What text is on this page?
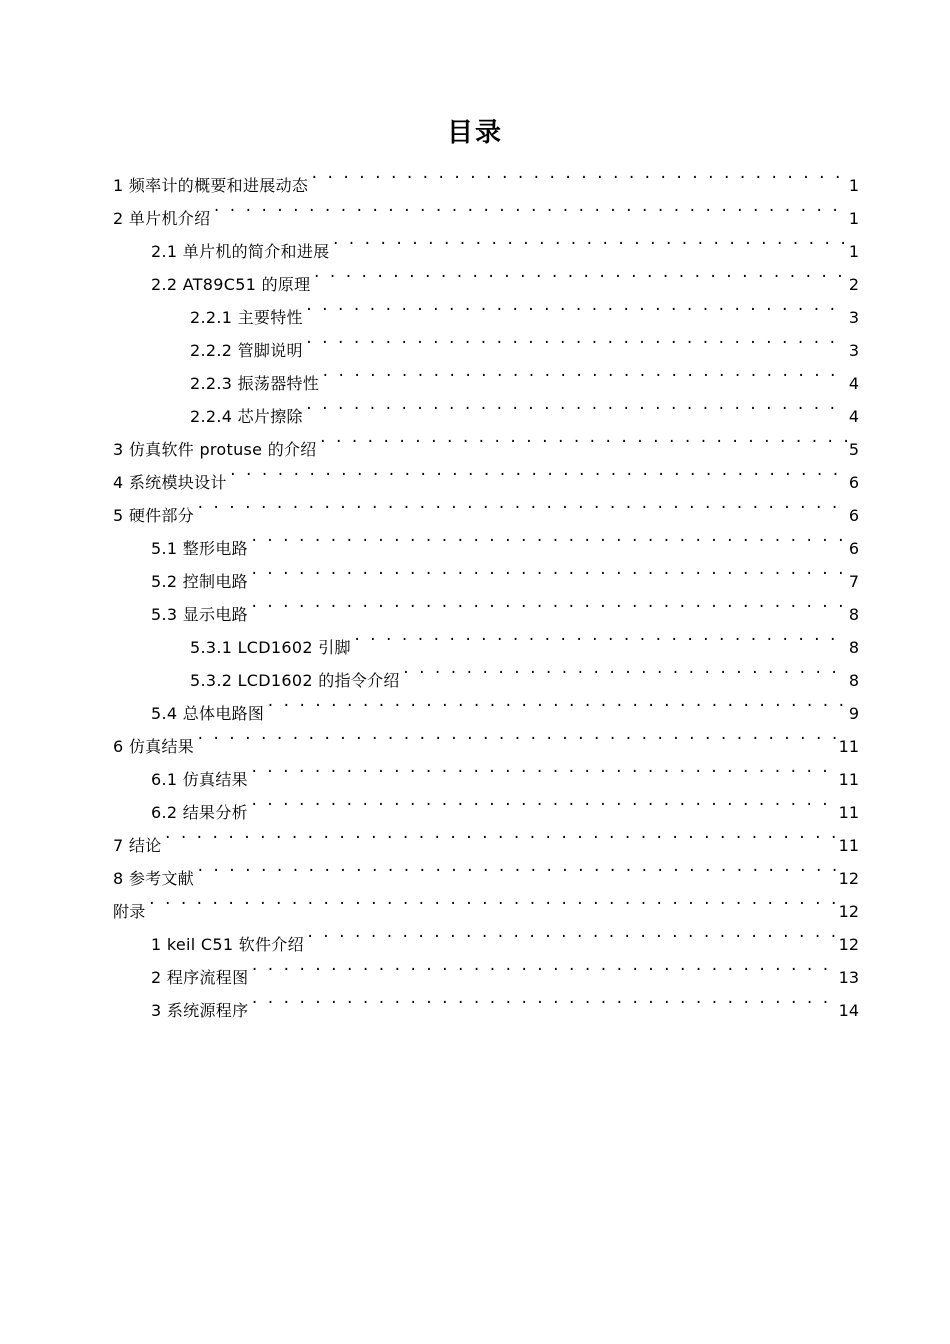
目录
1 频率计的概要和进展动态 . . .	1
2 单片机介绍 . . .	1
2.1 单片机的简介和进展 . . .	1
2.2 AT89C51 的原理 . . .	2
2.2.1 主要特性 . . .	3
2.2.2 管脚说明 . . .	3
2.2.3 振荡器特性 . . .	4
2.2.4 芯片擦除 . . .	4
3 仿真软件 protuse 的介绍 . . .	5
4 系统模块设计 . . .	6
5 硬件部分 . . .	6
5.1 整形电路 . . .	6
5.2 控制电路 . . .	7
5.3 显示电路 . . .	8
5.3.1 LCD1602 引脚 . . .	8
5.3.2 LCD1602 的指令介绍 . . .	8
5.4 总体电路图 . . .	9
6 仿真结果 . . .	11
6.1 仿真结果 . . .	11
6.2 结果分析 . . .	11
7 结论 . . .	11
8 参考文献 . . .	12
附录 . . .	12
1 keil C51 软件介绍 . . .	12
2 程序流程图 . . .	13
3 系统源程序 . . .	14
